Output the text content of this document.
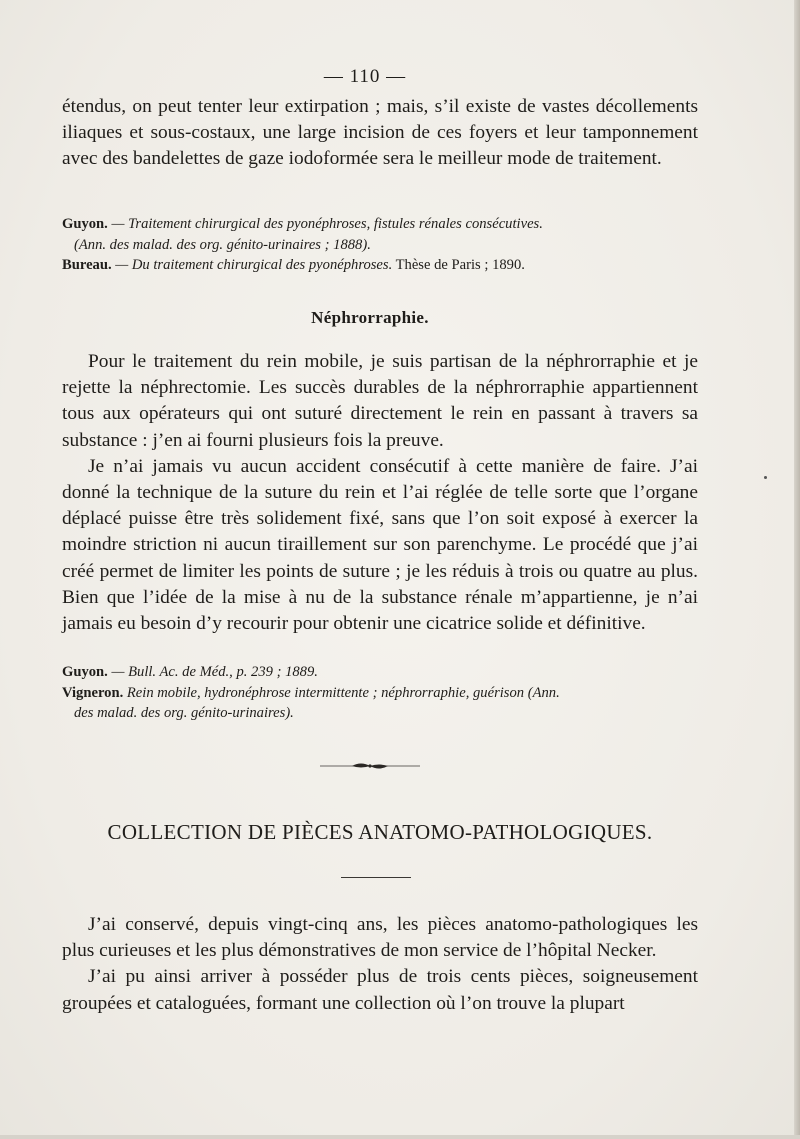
— 110 —

étendus, on peut tenter leur extirpation ; mais, s’il existe de vastes décollements iliaques et sous-costaux, une large incision de ces foyers et leur tamponnement avec des bandelettes de gaze iodoformée sera le meilleur mode de traitement.

Guyon. — Traitement chirurgical des pyonéphroses, fistules rénales consécutives.

(Ann. des malad. des org. génito-urinaires ; 1888).

Bureau. — Du traitement chirurgical des pyonéphroses. Thèse de Paris ; 1890.

Néphrorraphie.

Pour le traitement du rein mobile, je suis partisan de la néphrorraphie et je rejette la néphrectomie. Les succès durables de la néphrorraphie appartiennent tous aux opérateurs qui ont suturé directement le rein en passant à travers sa substance : j’en ai fourni plusieurs fois la preuve.

Je n’ai jamais vu aucun accident consécutif à cette manière de faire. J’ai donné la technique de la suture du rein et l’ai réglée de telle sorte que l’organe déplacé puisse être très solidement fixé, sans que l’on soit exposé à exercer la moindre striction ni aucun tiraillement sur son parenchyme. Le procédé que j’ai créé permet de limiter les points de suture ; je les réduis à trois ou quatre au plus. Bien que l’idée de la mise à nu de la substance rénale m’appartienne, je n’ai jamais eu besoin d’y recourir pour obtenir une cicatrice solide et définitive.

Guyon. — Bull. Ac. de Méd., p. 239 ; 1889.

Vigneron. Rein mobile, hydronéphrose intermittente ; néphrorraphie, guérison (Ann.

des malad. des org. génito-urinaires).

COLLECTION DE PIÈCES ANATOMO-PATHOLOGIQUES.

J’ai conservé, depuis vingt-cinq ans, les pièces anatomo-pathologiques les plus curieuses et les plus démonstratives de mon service de l’hôpital Necker.

J’ai pu ainsi arriver à posséder plus de trois cents pièces, soigneusement groupées et cataloguées, formant une collection où l’on trouve la plupart
